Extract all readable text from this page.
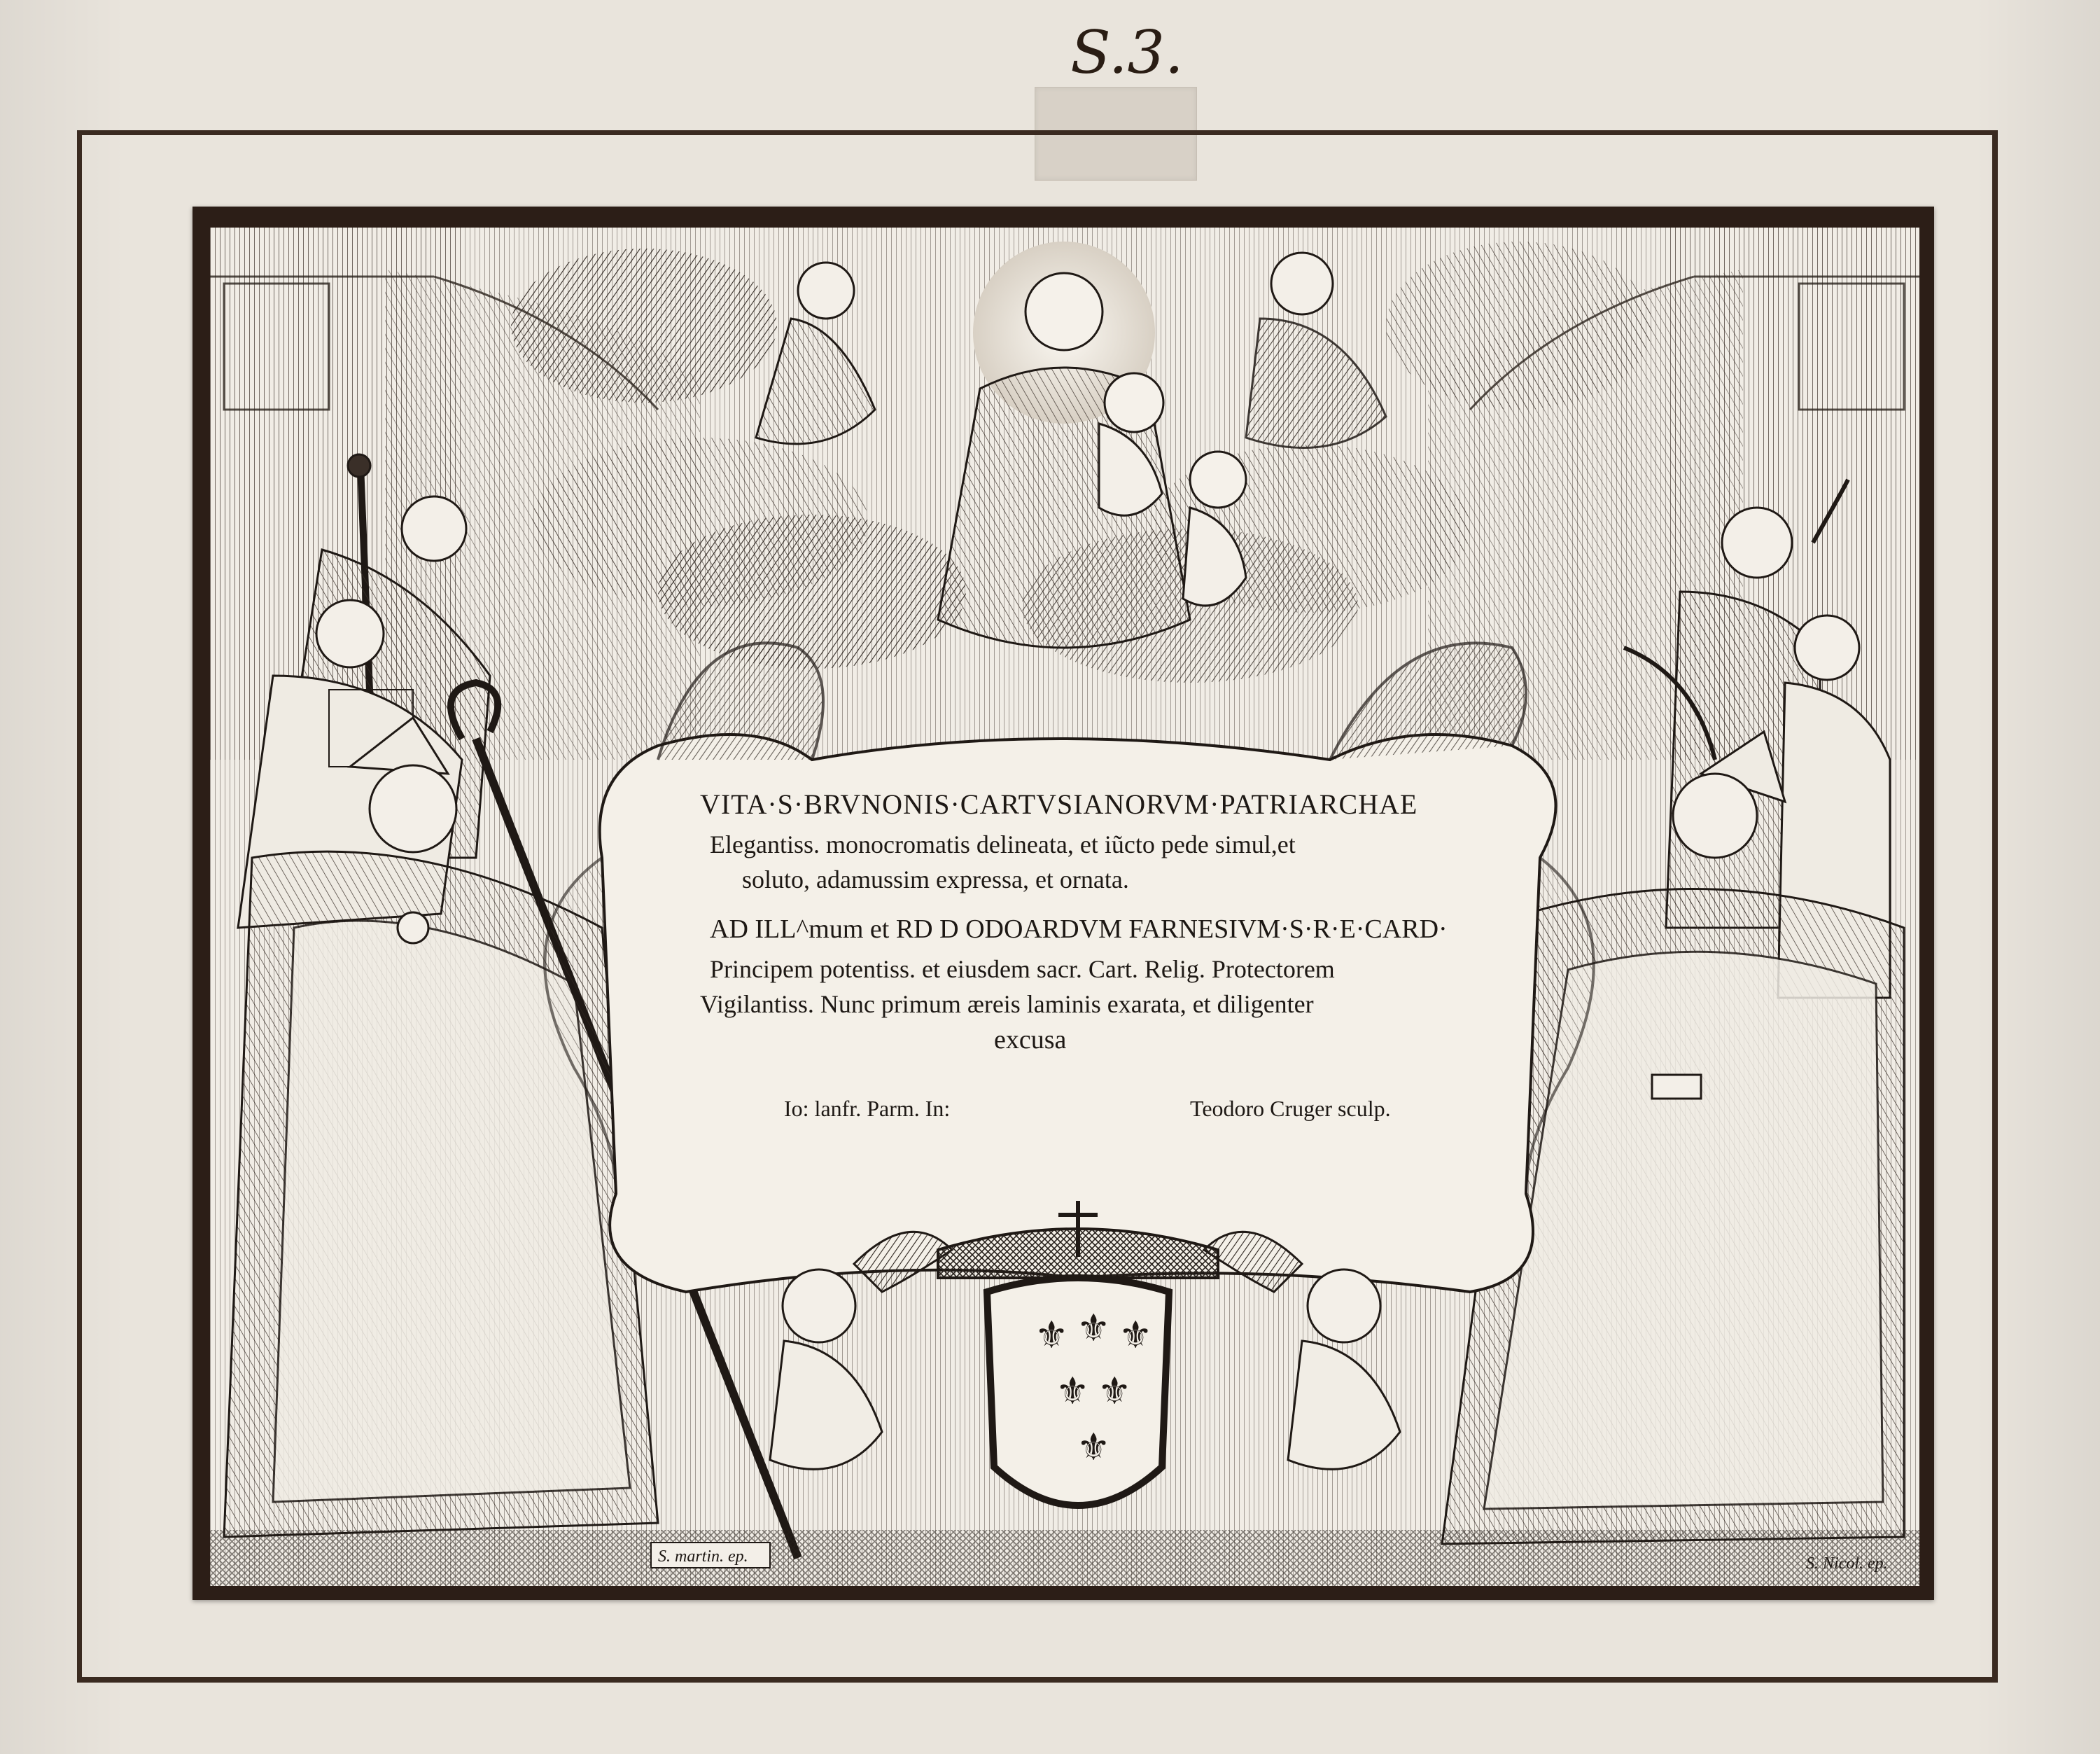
S.3.
⚜ ⚜ ⚜
⚜ ⚜
⚜
VITA·S·BRVNONIS·CARTVSIANORVM·PATRIARCHAE
Elegantiss. monocromatis delineata, et iũcto pede simul,et
soluto, adamussim expressa, et ornata.
AD ILL^mum et RD D ODOARDVM FARNESIVM·S·R·E·CARD·
Principem potentiss. et eiusdem sacr. Cart. Relig. Protectorem
Vigilantiss. Nunc primum æreis laminis exarata, et diligenter
excusa
Io: lanfr. Parm. In:	Teodoro Cruger sculp.
S. martin. ep.	S. Nicol. ep.
